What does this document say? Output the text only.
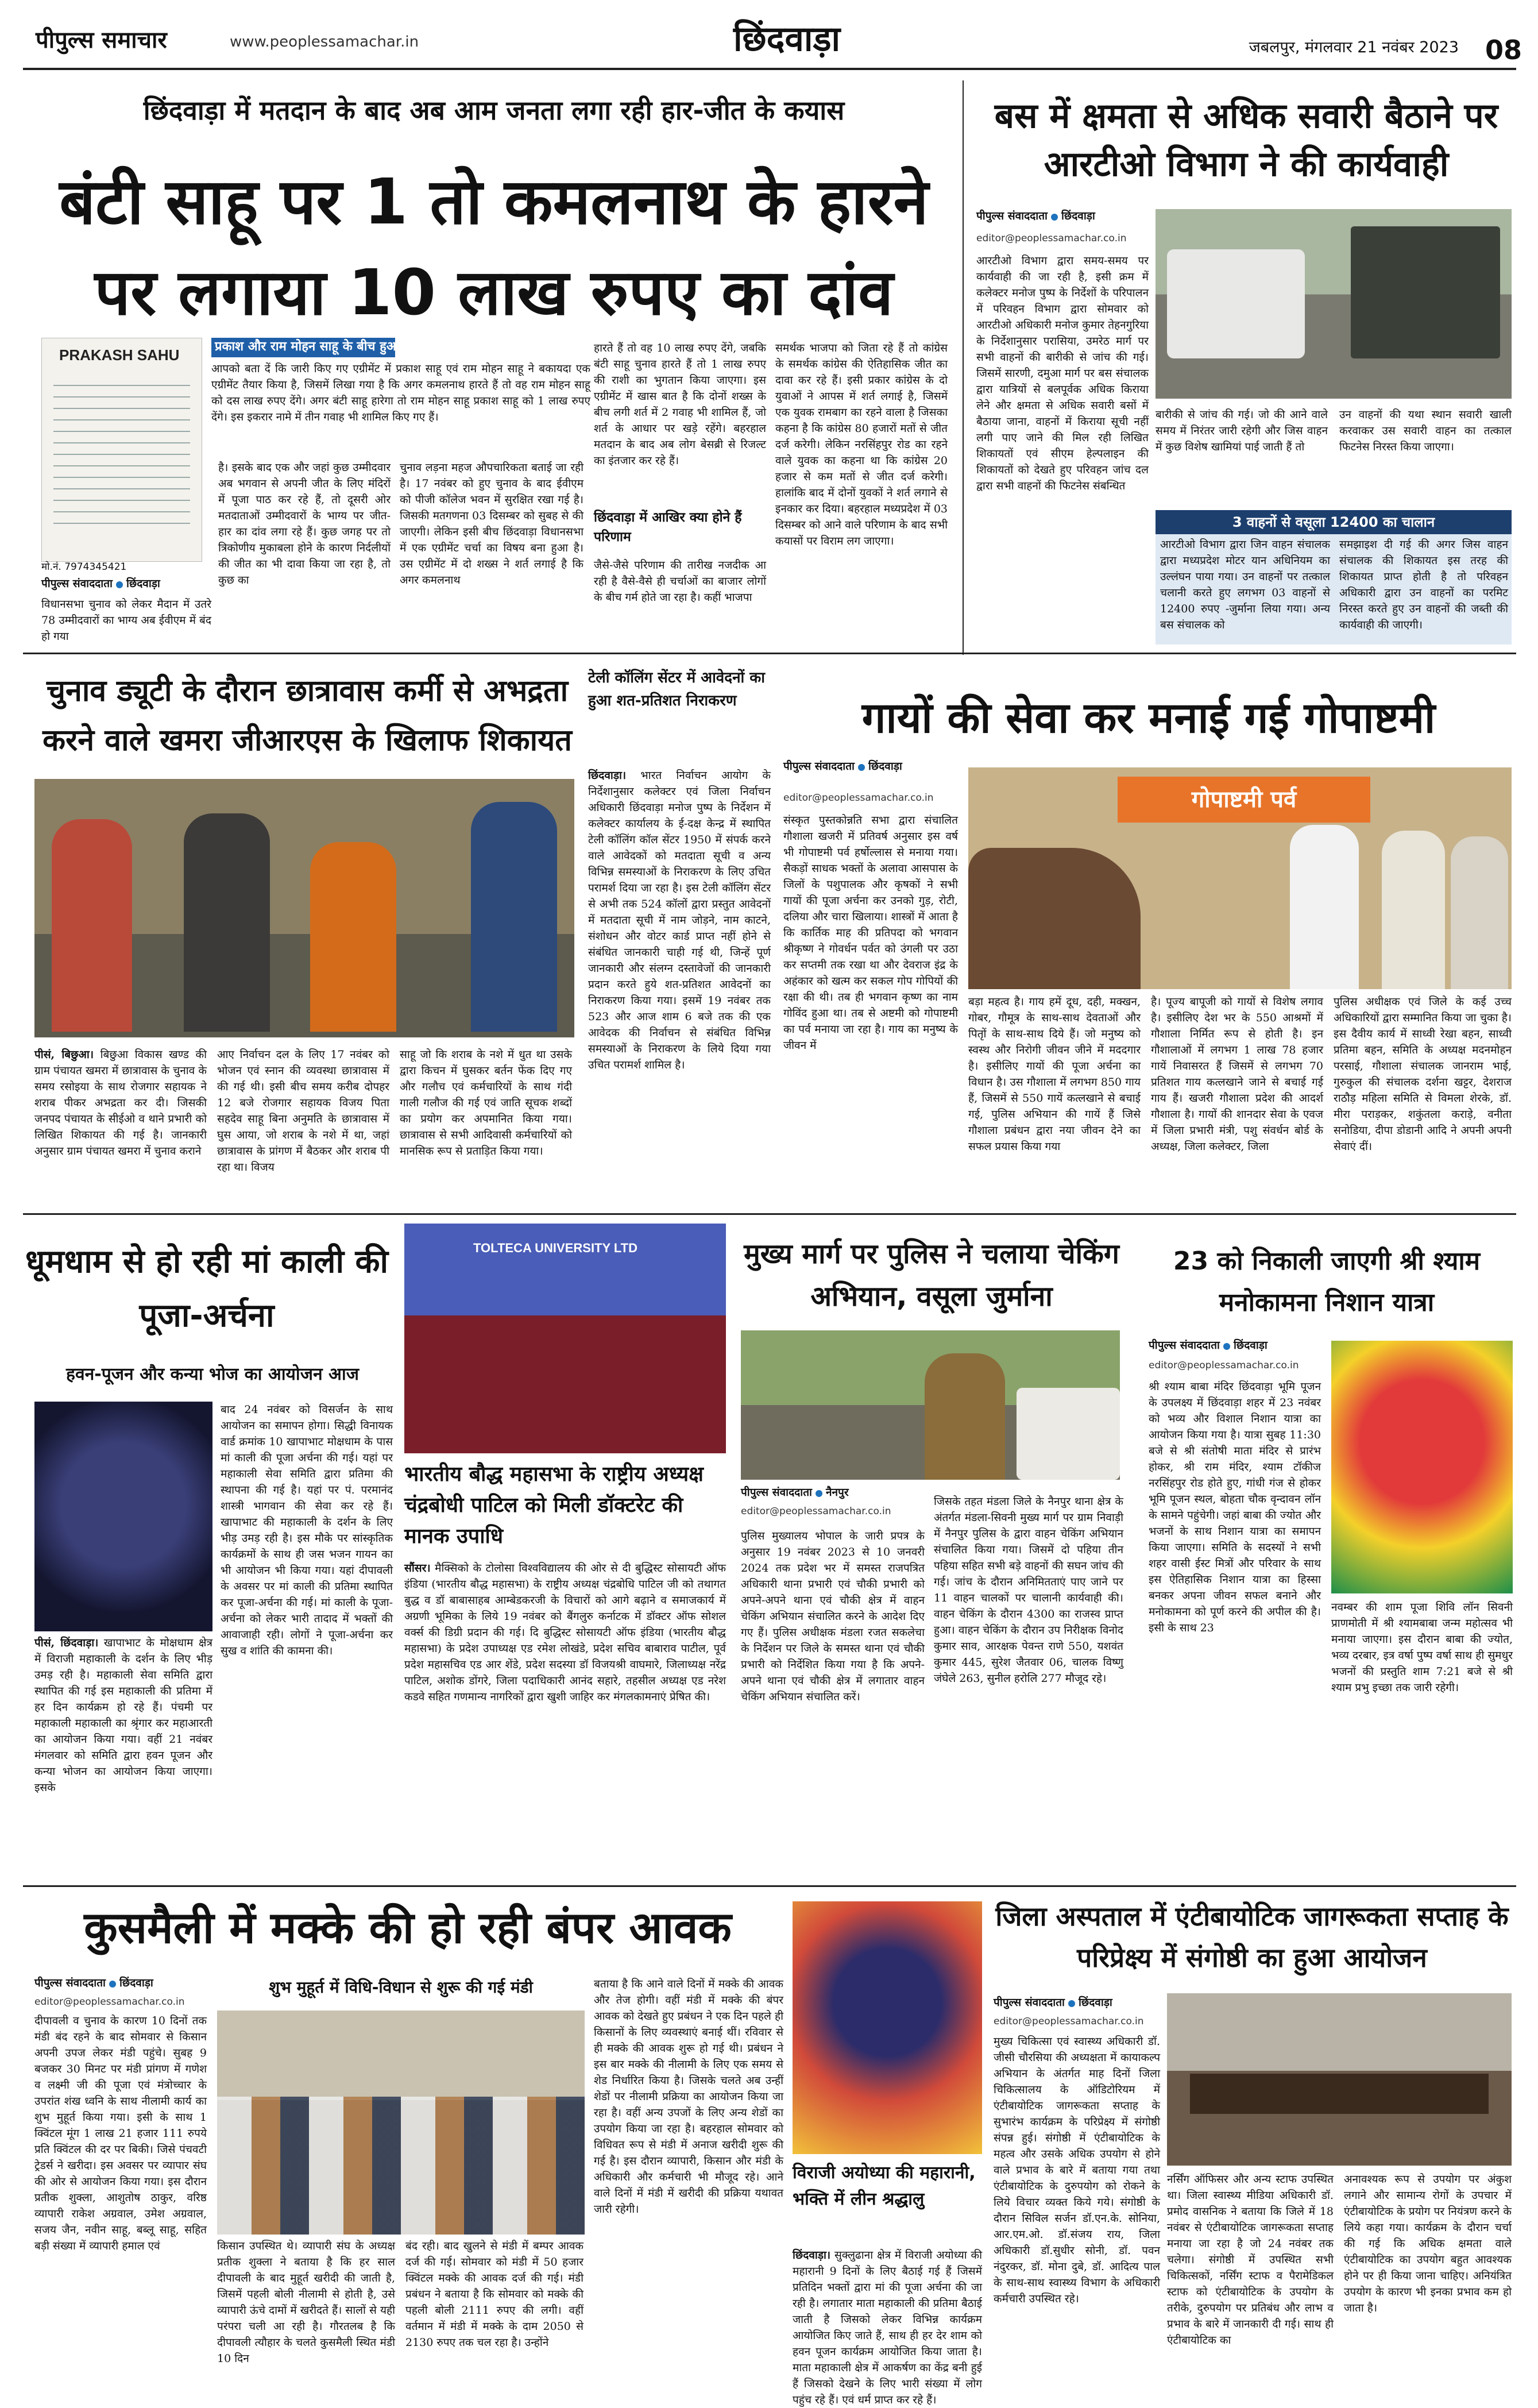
पीपुल्स समाचार	www.peoplessamachar.in	छिंदवाड़ा	जबलपुर, मंगलवार 21 नवंबर 2023 08
छिंदवाड़ा में मतदान के बाद अब आम जनता लगा रही हार-जीत के कयास
बंटी साहू पर 1 तो कमलनाथ के हारने पर लगाया 10 लाख रुपए का दांव
PRAKASH SAHU
मो.नं. 7974345421
पीपुल्स संवाददाता छिंदवाड़ा
प्रकाश और राम मोहन साहू के बीच हुआ एग्रीमेंट
आपको बता दें कि जारी किए गए एग्रीमेंट में प्रकाश साहू एवं राम मोहन साहू ने बकायदा एक एग्रीमेंट तैयार किया है, जिसमें लिखा गया है कि अगर कमलनाथ हारते हैं तो वह राम मोहन साहू को दस लाख रुपए देंगे। अगर बंटी साहू हारेगा तो राम मोहन साहू प्रकाश साहू को 1 लाख रुपए देंगे। इस इकरार नामे में तीन गवाह भी शामिल किए गए हैं।
विधानसभा चुनाव को लेकर मैदान में उतरे 78 उम्मीदवारों का भाग्य अब ईवीएम में बंद हो गया
है। इसके बाद एक और जहां कुछ उम्मीदवार अब भगवान से अपनी जीत के लिए मंदिरों में पूजा पाठ कर रहे हैं, तो दूसरी ओर मतदाताओं उम्मीदवारों के भाग्य पर जीत-हार का दांव लगा रहे हैं। कुछ जगह पर तो त्रिकोणीय मुकाबला होने के कारण निर्दलीयों की जीत का भी दावा किया जा रहा है, तो कुछ का
चुनाव लड़ना महज औपचारिकता बताई जा रही है। 17 नवंबर को हुए चुनाव के बाद ईवीएम को पीजी कॉलेज भवन में सुरक्षित रखा गई है। जिसकी मतगणना 03 दिसम्बर को सुबह से की जाएगी। लेकिन इसी बीच छिंदवाड़ा विधानसभा में एक एग्रीमेंट चर्चा का विषय बना हुआ है। उस एग्रीमेंट में दो शख्स ने शर्त लगाई है कि अगर कमलनाथ
हारते हैं तो वह 10 लाख रुपए देंगे, जबकि बंटी साहू चुनाव हारते हैं तो 1 लाख रुपए की राशी का भुगतान किया जाएगा। इस एग्रीमेंट में खास बात है कि दोनों शख्स के बीच लगी शर्त में 2 गवाह भी शामिल हैं, जो शर्त के आधार पर खड़े रहेंगे। बहरहाल मतदान के बाद अब लोग बेसब्री से रिजल्ट का इंतजार कर रहे हैं।
छिंदवाड़ा में आखिर क्या होने हैं परिणाम
जैसे-जैसे परिणाम की तारीख नजदीक आ रही है वैसे-वैसे ही चर्चाओं का बाजार लोगों के बीच गर्म होते जा रहा है। कहीं भाजपा
समर्थक भाजपा को जिता रहे हैं तो कांग्रेस के समर्थक कांग्रेस की ऐतिहासिक जीत का दावा कर रहे हैं। इसी प्रकार कांग्रेस के दो युवाओं ने आपस में शर्त लगाई है, जिसमें एक युवक रामबाग का रहने वाला है जिसका कहना है कि कांग्रेस 80 हजारों मतों से जीत दर्ज करेगी। लेकिन नरसिंहपुर रोड का रहने वाले युवक का कहना था कि कांग्रेस 20 हजार से कम मतों से जीत दर्ज करेगी। हालांकि बाद में दोनों युवकों ने शर्त लगाने से इनकार कर दिया। बहरहाल मध्यप्रदेश में 03 दिसम्बर को आने वाले परिणाम के बाद सभी कयासों पर विराम लग जाएगा।
बस में क्षमता से अधिक सवारी बैठाने पर आरटीओ विभाग ने की कार्यवाही
पीपुल्स संवाददाता छिंदवाड़ा
editor@peoplessamachar.co.in
आरटीओ विभाग द्वारा समय-समय पर कार्यवाही की जा रही है, इसी क्रम में कलेक्टर मनोज पुष्प के निर्देशों के परिपालन में परिवहन विभाग द्वारा सोमवार को आरटीओ अधिकारी मनोज कुमार तेहनगुरिया के निर्देशानुसार परासिया, उमरेठ मार्ग पर सभी वाहनों की बारीकी से जांच की गई। जिसमें सारणी, दमुआ मार्ग पर बस संचालक द्वारा यात्रियों से बलपूर्वक अधिक किराया लेने और क्षमता से अधिक सवारी बसों में बैठाया जाना, वाहनों में किराया सूची नहीं लगी पाए जाने की मिल रही लिखित शिकायतों एवं सीएम हेल्पलाइन की शिकायतों को देखते हुए परिवहन जांच दल द्वारा सभी वाहनों की फिटनेस संबन्धित
बारीकी से जांच की गई। जो की आने वाले समय में निरंतर जारी रहेगी और जिस वाहन में कुछ विशेष खामियां पाई जाती हैं तो
उन वाहनों की यथा स्थान सवारी खाली करवाकर उस सवारी वाहन का तत्काल फिटनेस निरस्त किया जाएगा।
3 वाहनों से वसूला 12400 का चालान
आरटीओ विभाग द्वारा जिन वाहन संचालक द्वारा मध्यप्रदेश मोटर यान अधिनियम का उल्लंघन पाया गया। उन वाहनों पर तत्काल चलानी करते हुए लगभग 03 वाहनों से 12400 रुपए -जुर्माना लिया गया। अन्य बस संचालक को
समझाइश दी गई की अगर जिस वाहन संचालक की शिकायत इस तरह की शिकायत प्राप्त होती है तो परिवहन अधिकारी द्वारा उन वाहनों का परमिट निरस्त करते हुए उन वाहनों की जब्ती की कार्यवाही की जाएगी।
चुनाव ड्यूटी के दौरान छात्रावास कर्मी से अभद्रता करने वाले खमरा जीआरएस के खिलाफ शिकायत
पीसं, बिछुआ। बिछुआ विकास खण्ड की ग्राम पंचायत खमरा में छात्रावास के चुनाव के समय रसोइया के साथ रोजगार सहायक ने शराब पीकर अभद्रता कर दी। जिसकी जनपद पंचायत के सीईओ व थाने प्रभारी को लिखित शिकायत की गई है। जानकारी अनुसार ग्राम पंचायत खमरा में चुनाव कराने
आए निर्वाचन दल के लिए 17 नवंबर को भोजन एवं स्नान की व्यवस्था छात्रावास में की गई थी। इसी बीच समय करीब दोपहर 12 बजे रोजगार सहायक विजय पिता सहदेव साहू बिना अनुमति के छात्रावास में घुस आया, जो शराब के नशे में था, जहां छात्रावास के प्रांगण में बैठकर और शराब पी रहा था। विजय
साहू जो कि शराब के नशे में धुत था उसके द्वारा किचन में घुसकर बर्तन फेंक दिए गए और गलौच एवं कर्मचारियों के साथ गंदी गाली गलौज की गई एवं जाति सूचक शब्दों का प्रयोग कर अपमानित किया गया। छात्रावास से सभी आदिवासी कर्मचारियों को मानसिक रूप से प्रताड़ित किया गया।
टेली कॉलिंग सेंटर में आवेदनों का हुआ शत-प्रतिशत निराकरण
छिंदवाड़ा। भारत निर्वाचन आयोग के निर्देशानुसार कलेक्टर एवं जिला निर्वाचन अधिकारी छिंदवाड़ा मनोज पुष्प के निर्देशन में कलेक्टर कार्यालय के ई-दक्ष केन्द्र में स्थापित टेली कॉलिंग कॉल सेंटर 1950 में संपर्क करने वाले आवेदकों को मतदाता सूची व अन्य विभिन्न समस्याओं के निराकरण के लिए उचित परामर्श दिया जा रहा है। इस टेली कॉलिंग सेंटर से अभी तक 524 कॉलों द्वारा प्रस्तुत आवेदनों में मतदाता सूची में नाम जोड़ने, नाम काटने, संशोधन और वोटर कार्ड प्राप्त नहीं होने से संबंधित जानकारी चाही गई थी, जिन्हें पूर्ण जानकारी और संलग्न दस्तावेजों की जानकारी प्रदान करते हुये शत-प्रतिशत आवेदनों का निराकरण किया गया। इसमें 19 नवंबर तक 523 और आज शाम 6 बजे तक की एक आवेदक की निर्वाचन से संबंधित विभिन्न समस्याओं के निराकरण के लिये दिया गया उचित परामर्श शामिल है।
गायों की सेवा कर मनाई गई गोपाष्टमी
पीपुल्स संवाददाता छिंदवाड़ा
editor@peoplessamachar.co.in
संस्कृत पुस्तकोन्नति सभा द्वारा संचालित गौशाला खजरी में प्रतिवर्ष अनुसार इस वर्ष भी गोपाष्टमी पर्व हर्षोल्लास से मनाया गया। सैकड़ों साधक भक्तों के अलावा आसपास के जिलों के पशुपालक और कृषकों ने सभी गायों की पूजा अर्चना कर उनको गुड़, रोटी, दलिया और चारा खिलाया। शास्त्रों में आता है कि कार्तिक माह की प्रतिपदा को भगवान श्रीकृष्ण ने गोवर्धन पर्वत को उंगली पर उठा कर सप्तमी तक रखा था और देवराज इंद्र के अहंकार को खत्म कर सकल गोप गोपियों की रक्षा की थी। तब ही भगवान कृष्ण का नाम गोविंद हुआ था। तब से अष्टमी को गोपाष्टमी का पर्व मनाया जा रहा है। गाय का मनुष्य के जीवन में
गोपाष्टमी पर्व
बड़ा महत्व है। गाय हमें दूध, दही, मक्खन, गोबर, गौमूत्र के साथ-साथ देवताओं और पितृों के साथ-साथ दिये हैं। जो मनुष्य को स्वस्थ और निरोगी जीवन जीने में मददगार है। इसीलिए गायों की पूजा अर्चना का विधान है। उस गौशाला में लगभग 850 गाय हैं, जिसमें से 550 गायें कत्लखाने से बचाई गई, पुलिस अभियान की गायें हैं जिसे गौशाला प्रबंधन द्वारा नया जीवन देने का सफल प्रयास किया गया
है। पूज्य बापूजी को गायों से विशेष लगाव है। इसीलिए देश भर के 550 आश्रमों में गौशाला निर्मित रूप से होती है। इन गौशालाओं में लगभग 1 लाख 78 हजार गायें निवासरत हैं जिसमें से लगभग 70 प्रतिशत गाय कत्लखाने जाने से बचाई गई गाय हैं। खजरी गौशाला प्रदेश की आदर्श गौशाला है। गायों की शानदार सेवा के एवज में जिला प्रभारी मंत्री, पशु संवर्धन बोर्ड के अध्यक्ष, जिला कलेक्टर, जिला
पुलिस अधीक्षक एवं जिले के कई उच्च अधिकारियों द्वारा सम्मानित किया जा चुका है। इस दैवीय कार्य में साध्वी रेखा बहन, साध्वी प्रतिमा बहन, समिति के अध्यक्ष मदनमोहन परसाई, गौशाला संचालक जानराम भाई, गुरुकुल की संचालक दर्शना खट्टर, देशराज राठौड़ महिला समिति से विमला शेरके, डॉ. मीरा पराड़कर, शकुंतला कराड़े, वनीता सनोडिया, दीपा डोडानी आदि ने अपनी अपनी सेवाएं दीं।
धूमधाम से हो रही मां काली की पूजा-अर्चना
हवन-पूजन और कन्या भोज का आयोजन आज
पीसं, छिंदवाड़ा। खापाभाट के मोक्षधाम क्षेत्र में विराजी महाकाली के दर्शन के लिए भीड़ उमड़ रही है। महाकाली सेवा समिति द्वारा स्थापित की गई इस महाकाली की प्रतिमा में हर दिन कार्यक्रम हो रहे हैं। पंचमी पर महाकाली महाकाली का श्रृंगार कर महाआरती का आयोजन किया गया। वहीं 21 नवंबर मंगलवार को समिति द्वारा हवन पूजन और कन्या भोजन का आयोजन किया जाएगा। इसके
बाद 24 नवंबर को विसर्जन के साथ आयोजन का समापन होगा। सिद्धी विनायक वार्ड क्रमांक 10 खापाभाट मोक्षधाम के पास मां काली की पूजा अर्चना की गई। यहां पर महाकाली सेवा समिति द्वारा प्रतिमा की स्थापना की गई है। यहां पर पं. परमानंद शास्त्री भागवान की सेवा कर रहे हैं। खापाभाट की महाकाली के दर्शन के लिए भीड़ उमड़ रही है। इस मौके पर सांस्कृतिक कार्यक्रमों के साथ ही जस भजन गायन का भी आयोजन भी किया गया। यहां दीपावली के अवसर पर मां काली की प्रतिमा स्थापित कर पूजा-अर्चना की गई। मां काली के पूजा-अर्चना को लेकर भारी तादाद में भक्तों की आवाजाही रही। लोगों ने पूजा-अर्चना कर सुख व शांति की कामना की।
TOLTECA UNIVERSITY LTD
भारतीय बौद्ध महासभा के राष्ट्रीय अध्यक्ष चंद्रबोधी पाटिल को मिली डॉक्टरेट की मानक उपाधि
सौंसर। मैक्सिको के टोलोसा विश्वविद्यालय की ओर से दी बुद्धिस्ट सोसायटी ऑफ इंडिया (भारतीय बौद्ध महासभा) के राष्ट्रीय अध्यक्ष चंद्रबोधि पाटिल जी को तथागत बुद्ध व डॉ बाबासाहब आम्बेडकरजी के विचारों को आगे बढ़ाने व समाजकार्य में अग्रणी भूमिका के लिये 19 नवंबर को बैंगलुरु कर्नाटक में डॉक्टर ऑफ सोशल वर्क्स की डिग्री प्रदान की गई। दि बुद्धिस्ट सोसायटी ऑफ इंडिया (भारतीय बौद्ध महासभा) के प्रदेश उपाध्यक्ष एड रमेश लोखंडे, प्रदेश सचिव बाबाराव पाटील, पूर्व प्रदेश महासचिव एड आर शेंडे, प्रदेश सदस्या डॉ विजयश्री वाघमारे, जिलाध्यक्ष नरेंद्र पाटिल, अशोक डोंगरे, जिला पदाधिकारी आनंद सहारे, तहसील अध्यक्ष एड नरेश कडवे सहित गणमान्य नागरिकों द्वारा खुशी जाहिर कर मंगलकामनाएं प्रेषित की।
मुख्य मार्ग पर पुलिस ने चलाया चेकिंग अभियान, वसूला जुर्माना
पीपुल्स संवाददाता नैनपुर
editor@peoplessamachar.co.in
पुलिस मुख्यालय भोपाल के जारी प्रपत्र के अनुसार 19 नवंबर 2023 से 10 जनवरी 2024 तक प्रदेश भर में समस्त राजपत्रित अधिकारी थाना प्रभारी एवं चौकी प्रभारी को अपने-अपने थाना एवं चौकी क्षेत्र में वाहन चेकिंग अभियान संचालित करने के आदेश दिए गए हैं। पुलिस अधीक्षक मंडला रजत सकलेचा के निर्देशन पर जिले के समस्त थाना एवं चौकी प्रभारी को निर्देशित किया गया है कि अपने-अपने थाना एवं चौकी क्षेत्र में लगातार वाहन चेकिंग अभियान संचालित करें।
जिसके तहत मंडला जिले के नैनपुर थाना क्षेत्र के अंतर्गत मंडला-सिवनी मुख्य मार्ग पर ग्राम निवाड़ी में नैनपुर पुलिस के द्वारा वाहन चेकिंग अभियान संचालित किया गया। जिसमें दो पहिया तीन पहिया सहित सभी बड़े वाहनों की सघन जांच की गई। जांच के दौरान अनिमितताएं पाए जाने पर 11 वाहन चालकों पर चालानी कार्यवाही की। वाहन चेकिंग के दौरान 4300 का राजस्व प्राप्त हुआ। वाहन चेकिंग के दौरान उप निरीक्षक विनोद कुमार साव, आरक्षक पेवन्त राणे 550, यशवंत कुमार 445, सुरेश जैतवार 06, चालक विष्णु जंघेले 263, सुनील हरोलि 277 मौजूद रहे।
23 को निकाली जाएगी श्री श्याम मनोकामना निशान यात्रा
पीपुल्स संवाददाता छिंदवाड़ा
editor@peoplessamachar.co.in
श्री श्याम बाबा मंदिर छिंदवाड़ा भूमि पूजन के उपलक्ष्य में छिंदवाड़ा शहर में 23 नवंबर को भव्य और विशाल निशान यात्रा का आयोजन किया गया है। यात्रा सुबह 11:30 बजे से श्री संतोषी माता मंदिर से प्रारंभ होकर, श्री राम मंदिर, श्याम टॉकीज नरसिंहपुर रोड होते हुए, गांधी गंज से होकर भूमि पूजन स्थल, बोहता चौक वृन्दावन लॉन के सामने पहुंचेगी। जहां बाबा की ज्योत और भजनों के साथ निशान यात्रा का समापन किया जाएगा। समिति के सदस्यों ने सभी शहर वासी ईस्ट मित्रों और परिवार के साथ इस ऐतिहासिक निशान यात्रा का हिस्सा बनकर अपना जीवन सफल बनाने और मनोकामना को पूर्ण करने की अपील की है। इसी के साथ 23
नवम्बर की शाम पूजा शिवि लॉन सिवनी प्राणमोती में श्री श्यामबाबा जन्म महोत्सव भी मनाया जाएगा। इस दौरान बाबा की ज्योत, भव्य दरबार, इत्र वर्षा पुष्प वर्षा साथ ही सुमधुर भजनों की प्रस्तुति शाम 7:21 बजे से श्री श्याम प्रभु इच्छा तक जारी रहेगी।
कुसमैली में मक्के की हो रही बंपर आवक
पीपुल्स संवाददाता छिंदवाड़ा
editor@peoplessamachar.co.in
दीपावली व चुनाव के कारण 10 दिनों तक मंडी बंद रहने के बाद सोमवार से किसान अपनी उपज लेकर मंडी पहुंचे। सुबह 9 बजकर 30 मिनट पर मंडी प्रांगण में गणेश व लक्ष्मी जी की पूजा एवं मंत्रोच्चार के उपरांत शंख ध्वनि के साथ नीलामी कार्य का शुभ मुहूर्त किया गया। इसी के साथ 1 क्विंटल मूंग 1 लाख 21 हजार 111 रुपये प्रति क्विंटल की दर पर बिकी। जिसे पंचवटी ट्रेडर्स ने खरीदा। इस अवसर पर व्यापार संघ की ओर से आयोजन किया गया। इस दौरान प्रतीक शुक्ला, आशुतोष ठाकुर, वरिष्ठ व्यापारी राकेश अग्रवाल, उमेश अग्रवाल, सजय जैन, नवीन साहू, बब्लू साहू, सहित बड़ी संख्या में व्यापारी हमाल एवं
शुभ मुहूर्त में विधि-विधान से शुरू की गई मंडी
किसान उपस्थित थे। व्यापारी संघ के अध्यक्ष प्रतीक शुक्ला ने बताया है कि हर साल दीपावली के बाद मुहूर्त खरीदी की जाती है, जिसमें पहली बोली नीलामी से होती है, उसे व्यापारी ऊंचे दामों में खरीदते हैं। सालों से यही परंपरा चली आ रही है। गौरतलब है कि दीपावली त्यौहार के चलते कुसमैली स्थित मंडी 10 दिन
बंद रही। बाद खुलने से मंडी में बम्पर आवक दर्ज की गई। सोमवार को मंडी में 50 हजार क्विंटल मक्के की आवक दर्ज की गई। मंडी प्रबंधन ने बताया है कि सोमवार को मक्के की पहली बोली 2111 रुपए की लगी। वहीं वर्तमान में मंडी में मक्के के दाम 2050 से 2130 रुपए तक चल रहा है। उन्होंने
बताया है कि आने वाले दिनों में मक्के की आवक और तेज होगी। वहीं मंडी में मक्के की बंपर आवक को देखते हुए प्रबंधन ने एक दिन पहले ही किसानों के लिए व्यवस्थाएं बनाई थीं। रविवार से ही मक्के की आवक शुरू हो गई थी। प्रबंधन ने इस बार मक्के की नीलामी के लिए एक समय से शेड निर्धारित किया है। जिसके चलते अब उन्हीं शेडों पर नीलामी प्रक्रिया का आयोजन किया जा रहा है। वहीं अन्य उपजों के लिए अन्य शेडों का उपयोग किया जा रहा है। बहरहाल सोमवार को विधिवत रूप से मंडी में अनाज खरीदी शुरू की गई है। इस दौरान व्यापारी, किसान और मंडी के अधिकारी और कर्मचारी भी मौजूद रहे। आने वाले दिनों में मंडी में खरीदी की प्रक्रिया यथावत जारी रहेगी।
विराजी अयोध्या की महारानी, भक्ति में लीन श्रद्धालु
छिंदवाड़ा। सुक्लुढाना क्षेत्र में विराजी अयोध्या की महारानी 9 दिनों के लिए बैठाई गई हैं जिसमें प्रतिदिन भक्तों द्वारा मां की पूजा अर्चना की जा रही है। लगातार माता महाकाली की प्रतिमा बैठाई जाती है जिसको लेकर विभिन्न कार्यक्रम आयोजित किए जाते हैं, साथ ही हर देर शाम को हवन पूजन कार्यक्रम आयोजित किया जाता है। माता महाकाली क्षेत्र में आकर्षण का केंद्र बनी हुई हैं जिसको देखने के लिए भारी संख्या में लोग पहुंच रहे हैं। एवं धर्म प्राप्त कर रहे हैं।
जिला अस्पताल में एंटीबायोटिक जागरूकता सप्ताह के परिप्रेक्ष्य में संगोष्ठी का हुआ आयोजन
पीपुल्स संवाददाता छिंदवाड़ा
editor@peoplessamachar.co.in
मुख्य चिकित्सा एवं स्वास्थ्य अधिकारी डॉ. जीसी चौरसिया की अध्यक्षता में कायाकल्प अभियान के अंतर्गत माह दिनों जिला चिकित्सालय के ऑडिटोरियम में एंटीबायोटिक जागरूकता सप्ताह के सुभारंभ कार्यक्रम के परिप्रेक्ष्य में संगोष्ठी संपन्न हुई। संगोष्ठी में एंटीबायोटिक के महत्व और उसके अधिक उपयोग से होने वाले प्रभाव के बारे में बताया गया तथा एंटीबायोटिक के दुरुपयोग को रोकने के लिये विचार व्यक्त किये गये। संगोष्ठी के दौरान सिविल सर्जन डॉ.एन.के. सोनिया, आर.एम.ओ. डॉ.संजय राय, जिला अधिकारी डॉ.सुधीर सोनी, डॉ. पवन नंदुरकर, डॉ. मोना दुबे, डॉ. आदित्य पाल के साथ-साथ स्वास्थ्य विभाग के अधिकारी कर्मचारी उपस्थित रहे।
नर्सिंग ऑफिसर और अन्य स्टाफ उपस्थित था। जिला स्वास्थ्य मीडिया अधिकारी डॉ. प्रमोद वासनिक ने बताया कि जिले में 18 नवंबर से एंटीबायोटिक जागरूकता सप्ताह मनाया जा रहा है जो 24 नवंबर तक चलेगा। संगोष्ठी में उपस्थित सभी चिकित्सकों, नर्सिंग स्टाफ व पैरामेडिकल स्टाफ को एंटीबायोटिक के उपयोग के तरीके, दुरुपयोग पर प्रतिबंध और लाभ व प्रभाव के बारे में जानकारी दी गई। साथ ही एंटीबायोटिक का
अनावश्यक रूप से उपयोग पर अंकुश लगाने और सामान्य रोगों के उपचार में एंटीबायोटिक के प्रयोग पर नियंत्रण करने के लिये कहा गया। कार्यक्रम के दौरान चर्चा की गई कि अधिक क्षमता वाले एंटीबायोटिक का उपयोग बहुत आवश्यक होने पर ही किया जाना चाहिए। अनियंत्रित उपयोग के कारण भी इनका प्रभाव कम हो जाता है।
